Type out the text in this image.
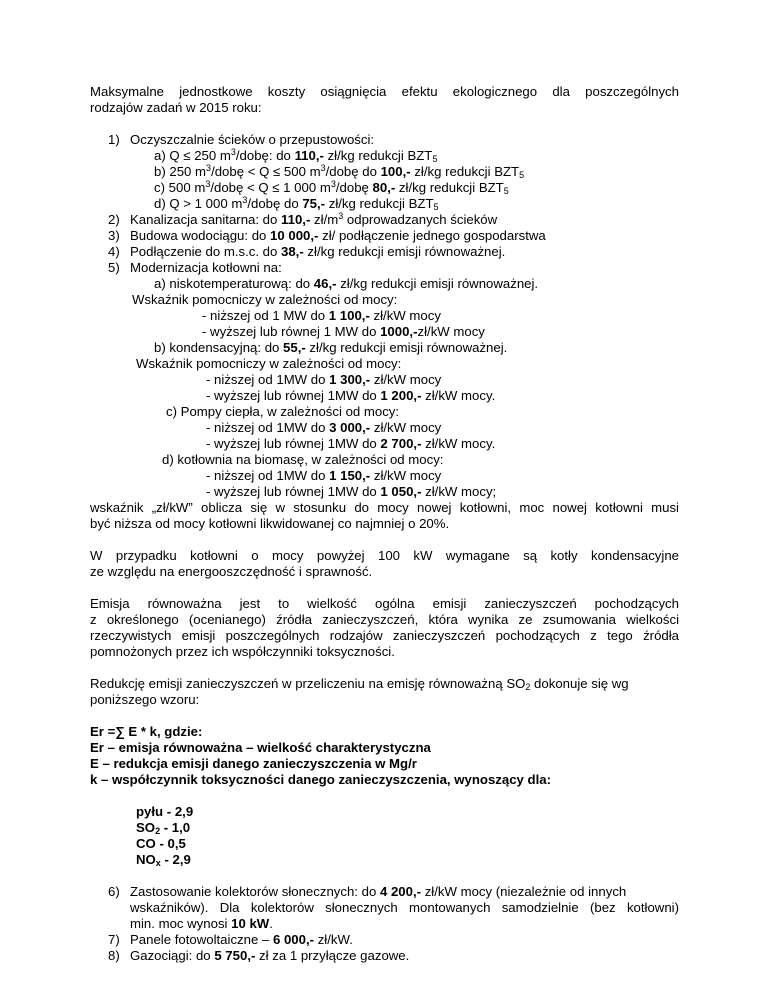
Maksymalne jednostkowe koszty osiągnięcia efektu ekologicznego dla poszczególnych
rodzajów zadań w 2015 roku:
1) Oczyszczalnie ścieków o przepustowości:
a) Q ≤ 250 $m^3$/dobę: do 110,- zł/kg redukcji $BZT_5$
b) 250 $m^3$/dobę < Q ≤ 500 $m^3$/dobę do 100,- zł/kg redukcji $BZT_5$
c) 500 $m^3$/dobę < Q ≤ 1 000 $m^3$/dobę 80,- zł/kg redukcji $BZT_5$
d) Q > 1 000 $m^3$/dobę do 75,- zł/kg redukcji $BZT_5$
2) Kanalizacja sanitarna: do 110,- $zł/m^3$ odprowadzanych ścieków
3) Budowa wodociągu: do 10 000,- zł/ podłączenie jednego gospodarstwa
4) Podłączenie do m.s.c. do 38,- zł/kg redukcji emisji równoważnej.
5) Modernizacja kotłowni na:
a) niskotemperaturową: do 46,- zł/kg redukcji emisji równoważnej.
Wskaźnik pomocniczy w zależności od mocy:
- niższej od 1 MW do 1 100,- zł/kW mocy
- wyższej lub równej 1 MW do 1000,-zł/kW mocy
b) kondensacyjną: do 55,- zł/kg redukcji emisji równoważnej.
Wskaźnik pomocniczy w zależności od mocy:
- niższej od 1MW do 1 300,- zł/kW mocy
- wyższej lub równej 1MW do 1 200,- zł/kW mocy.
c) Pompy ciepła, w zależności od mocy:
- niższej od 1MW do 3 000,- zł/kW mocy
- wyższej lub równej 1MW do 2 700,- zł/kW mocy.
d) kotłownia na biomasę, w zależności od mocy:
- niższej od 1MW do 1 150,- zł/kW mocy
- wyższej lub równej 1MW do 1 050,- zł/kW mocy;
wskaźnik „zł/kW” oblicza się w stosunku do mocy nowej kotłowni, moc nowej kotłowni musi
być niższa od mocy kotłowni likwidowanej co najmniej o 20%.
W przypadku kotłowni o mocy powyżej 100 kW wymagane są kotły kondensacyjne
ze względu na energooszczędność i sprawność.
Emisja równoważna jest to wielkość ogólna emisji zanieczyszczeń pochodzących
z określonego (ocenianego) źródła zanieczyszczeń, która wynika ze zsumowania wielkości
rzeczywistych emisji poszczególnych rodzajów zanieczyszczeń pochodzących z tego źródła
pomnożonych przez ich współczynniki toksyczności.
Redukcję emisji zanieczyszczeń w przeliczeniu na emisję równoważną $SO_2$ dokonuje się wg
poniższego wzoru:
Er =∑ E * k, gdzie:
Er – emisja równoważna – wielkość charakterystyczna
E – redukcja emisji danego zanieczyszczenia w Mg/r
k – współczynnik toksyczności danego zanieczyszczenia, wynoszący dla:
pyłu - 2,9
$SO_2 - 1,0$
CO - 0,5
$NO_x - 2,9$
6) Zastosowanie kolektorów słonecznych: do 4 200,- zł/kW mocy (niezależnie od innych
wskaźników). Dla kolektorów słonecznych montowanych samodzielnie (bez kotłowni)
min. moc wynosi 10 kW.
7) Panele fotowoltaiczne – 6 000,- zł/kW.
8) Gazociągi: do 5 750,- zł za 1 przyłącze gazowe.
